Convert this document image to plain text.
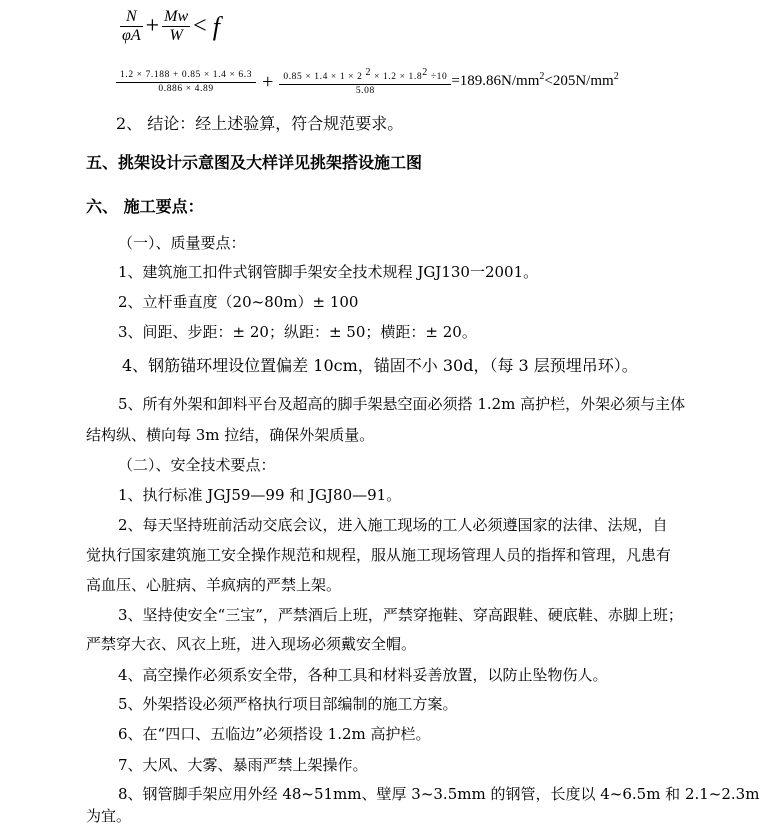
$\frac{N}{\varphi A} + \frac{Mw}{W} < f$
$\frac{1.2 \times 7.188 + 0.85 \times 1.4 \times 6.3}{0.886 \times 4.89} + \frac{0.85 \times 1.4 \times 1 \times 2 ^2 \times 1.2 \times 1.8^2 \div 10}{5.08} =189.86N/mm^2<205N/mm^2$
2、 结论：经上述验算，符合规范要求。
五、挑架设计示意图及大样详见挑架搭设施工图
六、 施工要点：
（一）、质量要点：
1、建筑施工扣件式钢管脚手架安全技术规程 JGJ130一2001。
2、立杆垂直度（20~80m）± 100
3、间距、步距：± 20；纵距：± 50；横距：± 20。
4、钢筋锚环埋设位置偏差 10cm，锚固不小 30d，（每 3 层预埋吊环）。
5、所有外架和卸料平台及超高的脚手架悬空面必须搭 1.2m 高护栏，外架必须与主体
结构纵、横向每 3m 拉结，确保外架质量。
（二）、安全技术要点：
1、执行标准 JGJ59—99 和 JGJ80—91。
2、每天坚持班前活动交底会议，进入施工现场的工人必须遵国家的法律、法规，自
觉执行国家建筑施工安全操作规范和规程，服从施工现场管理人员的指挥和管理，凡患有
高血压、心脏病、羊疯病的严禁上架。
3、坚持使安全“三宝”，严禁酒后上班，严禁穿拖鞋、穿高跟鞋、硬底鞋、赤脚上班；
严禁穿大衣、风衣上班，进入现场必须戴安全帽。
4、高空操作必须系安全带，各种工具和材料妥善放置，以防止坠物伤人。
5、外架搭设必须严格执行项目部编制的施工方案。
6、在“四口、五临边”必须搭设 1.2m 高护栏。
7、大风、大雾、暴雨严禁上架操作。
8、钢管脚手架应用外经 48~51mm、壁厚 3~3.5mm 的钢管，长度以 4~6.5m 和 2.1~2.3m
为宜。
